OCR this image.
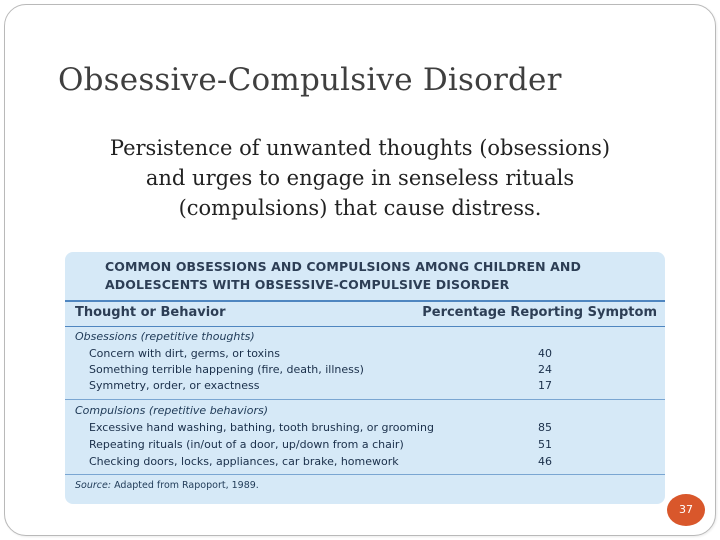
Obsessive-Compulsive Disorder
Persistence of unwanted thoughts (obsessions)
and urges to engage in senseless rituals
(compulsions) that cause distress.
COMMON OBSESSIONS AND COMPULSIONS AMONG CHILDREN AND
ADOLESCENTS WITH OBSESSIVE-COMPULSIVE DISORDER
Thought or Behavior	Percentage Reporting Symptom
Obsessions (repetitive thoughts)
Concern with dirt, germs, or toxins	40
Something terrible happening (fire, death, illness)	24
Symmetry, order, or exactness	17
Compulsions (repetitive behaviors)
Excessive hand washing, bathing, tooth brushing, or grooming	85
Repeating rituals (in/out of a door, up/down from a chair)	51
Checking doors, locks, appliances, car brake, homework	46
Source: Adapted from Rapoport, 1989.
37
